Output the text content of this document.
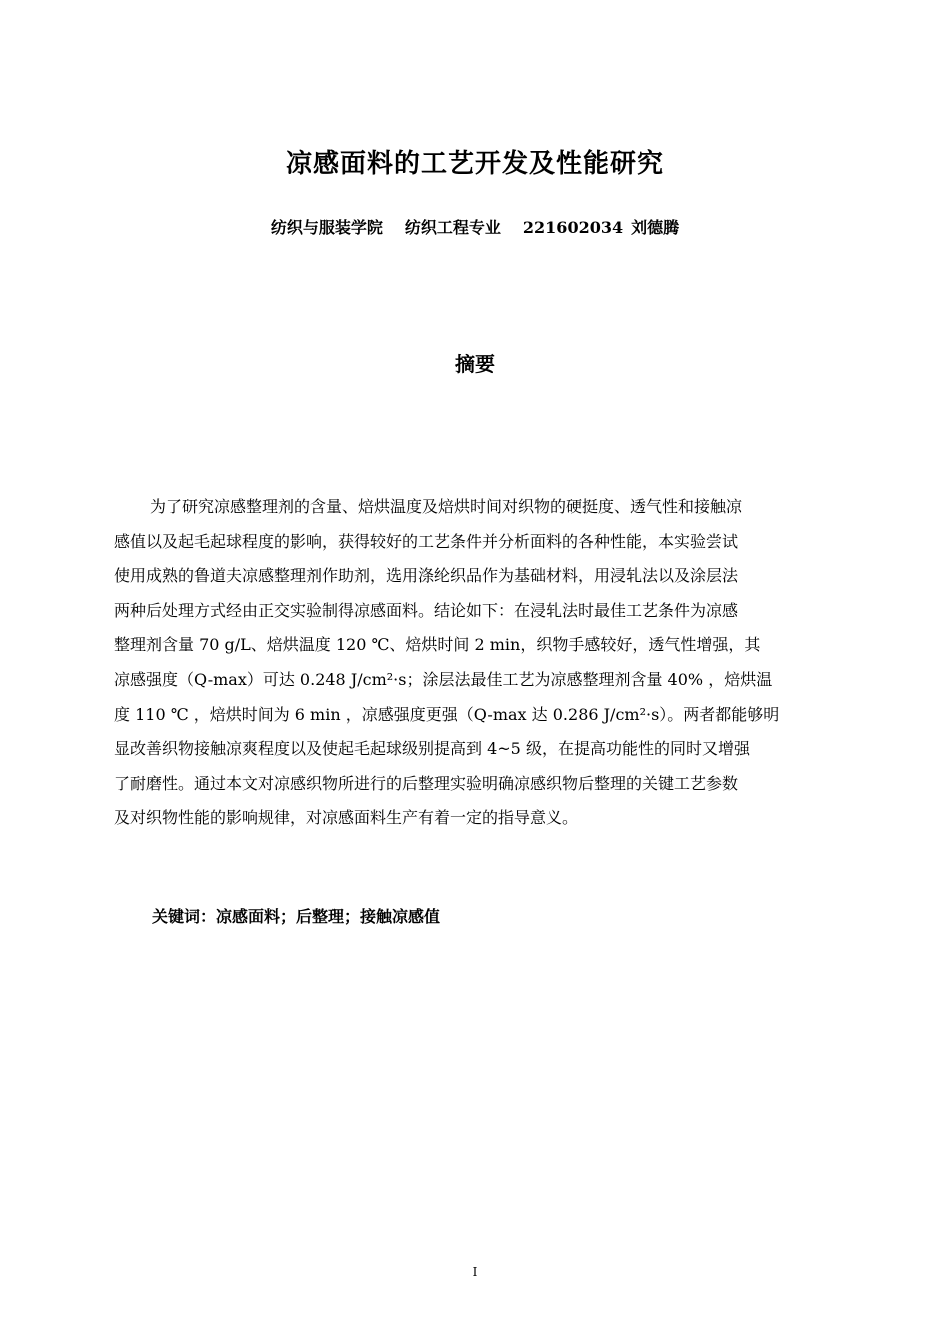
凉感面料的工艺开发及性能研究
纺织与服装学院 纺织工程专业 221602034 刘德腾
摘要
为了研究凉感整理剂的含量、焙烘温度及焙烘时间对织物的硬挺度、透气性和接触凉
感值以及起毛起球程度的影响，获得较好的工艺条件并分析面料的各种性能，本实验尝试
使用成熟的鲁道夫凉感整理剂作助剂，选用涤纶织品作为基础材料，用浸轧法以及涂层法
两种后处理方式经由正交实验制得凉感面料。结论如下：在浸轧法时最佳工艺条件为凉感
整理剂含量 70 g/L、焙烘温度 120 ℃、焙烘时间 2 min，织物手感较好，透气性增强，其
凉感强度（Q-max）可达 0.248 J/cm²·s；涂层法最佳工艺为凉感整理剂含量 40% ，焙烘温
度 110 ℃ ，焙烘时间为 6 min ，凉感强度更强（Q-max 达 0.286 J/cm²·s）。两者都能够明
显改善织物接触凉爽程度以及使起毛起球级别提高到 4~5 级，在提高功能性的同时又增强
了耐磨性。通过本文对凉感织物所进行的后整理实验明确凉感织物后整理的关键工艺参数
及对织物性能的影响规律，对凉感面料生产有着一定的指导意义。
关键词：凉感面料；后整理；接触凉感值
I
